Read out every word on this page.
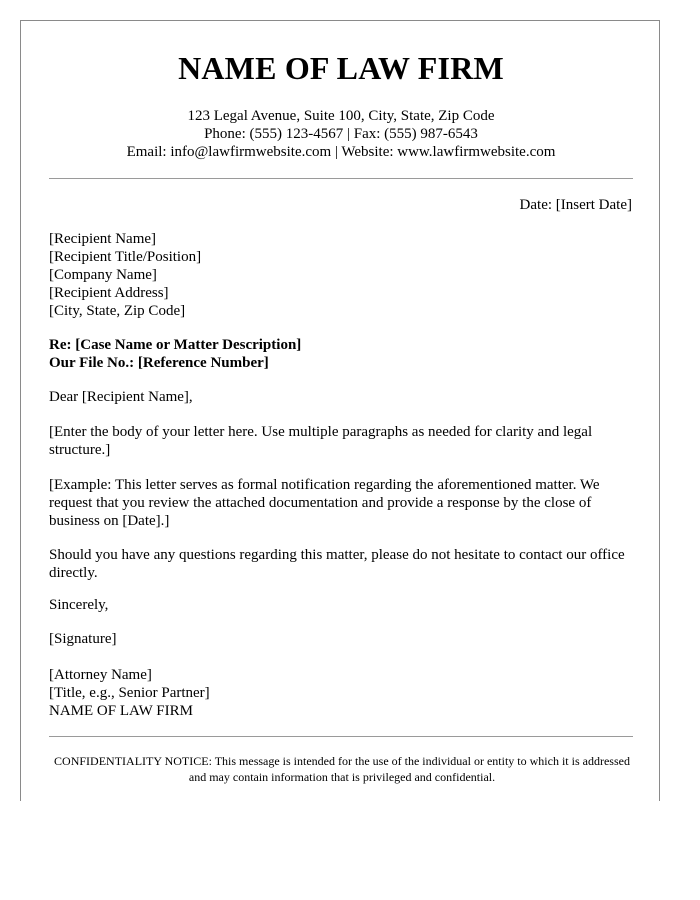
NAME OF LAW FIRM
123 Legal Avenue, Suite 100, City, State, Zip Code
Phone: (555) 123-4567 | Fax: (555) 987-6543
Email: info@lawfirmwebsite.com | Website: www.lawfirmwebsite.com
Date: [Insert Date]
[Recipient Name]
[Recipient Title/Position]
[Company Name]
[Recipient Address]
[City, State, Zip Code]
Re: [Case Name or Matter Description]
Our File No.: [Reference Number]

Dear [Recipient Name],

[Enter the body of your letter here. Use multiple paragraphs as needed for clarity and legal structure.]

[Example: This letter serves as formal notification regarding the aforementioned matter. We request that you review the attached documentation and provide a response by the close of business on [Date].]

Should you have any questions regarding this matter, please do not hesitate to contact our office directly.

Sincerely,

[Signature]

[Attorney Name]
[Title, e.g., Senior Partner]
NAME OF LAW FIRM
CONFIDENTIALITY NOTICE: This message is intended for the use of the individual or entity to which it is addressed and may contain information that is privileged and confidential.
